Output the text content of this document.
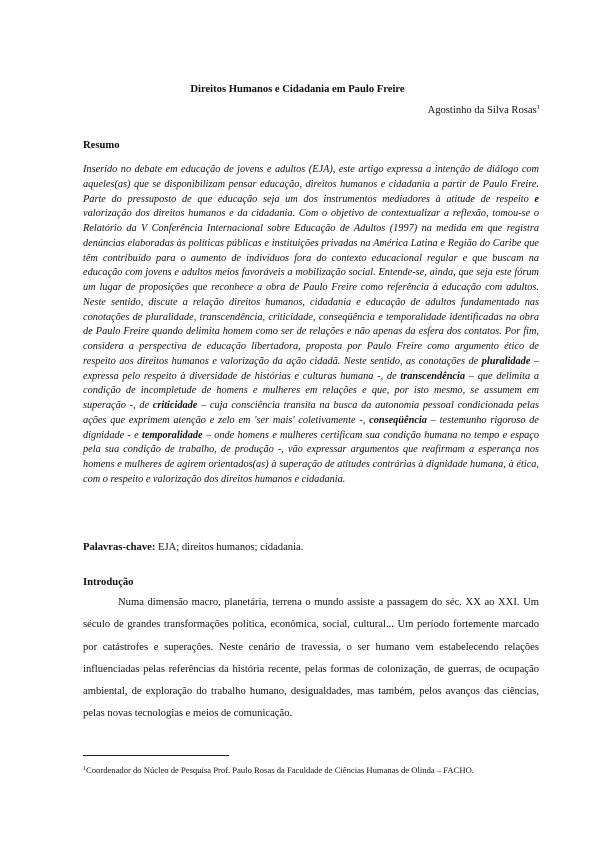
Direitos Humanos e Cidadania em Paulo Freire
Agostinho da Silva Rosas$^1$
Resumo

Inserido no debate em educação de jovens e adultos (EJA), este artigo expressa a intenção de diálogo com aqueles(as) que se disponibilizam pensar educação, direitos humanos e cidadania a partir de Paulo Freire. Parte do pressuposto de que educação seja um dos instrumentos mediadores à atitude de respeito e valorização dos direitos humanos e da cidadania. Com o objetivo de contextualizar a reflexão, tomou-se o Relatório da V Conferência Internacional sobre Educação de Adultos (1997) na medida em que registra denúncias elaboradas às políticas públicas e instituições privadas na América Latina e Região do Caribe que têm contribuído para o aumento de indivíduos fora do contexto educacional regular e que buscam na educação com jovens e adultos meios favoráveis a mobilização social. Entende-se, ainda, que seja este fórum um lugar de proposições que reconhece a obra de Paulo Freire como referência à educação com adultos. Neste sentido, discute a relação direitos humanos, cidadania e educação de adultos fundamentado nas conotações de pluralidade, transcendência, criticidade, conseqüência e temporalidade identificadas na obra de Paulo Freire quando delimita homem como ser de relações e não apenas da esfera dos contatos. Por fim, considera a perspectiva de educação libertadora, proposta por Paulo Freire como argumento ético de respeito aos direitos humanos e valorização da ação cidadã. Neste sentido, as conotações de pluralidade – expressa pelo respeito à diversidade de histórias e culturas humana -, de transcendência – que delimita a condição de incompletude de homens e mulheres em relações e que, por isto mesmo, se assumem em superação -, de criticidade – cuja consciência transita na busca da autonomia pessoal condicionada pelas ações que exprimem atenção e zelo em 'ser mais' coletivamente -, conseqüência – testemunho rigoroso de dignidade - e temporalidade – onde homens e mulheres certificam sua condição humana no tempo e espaço pela sua condição de trabalho, de produção -, vão expressar argumentos que reafirmam a esperança nos homens e mulheres de agirem orientados(as) à superação de atitudes contrárias à dignidade humana, à ética, com o respeito e valorização dos direitos humanos e cidadania.

Palavras-chave: EJA; direitos humanos; cidadania.
Introdução

Numa dimensão macro, planetária, terrena o mundo assiste a passagem do séc. XX ao XXI. Um século de grandes transformações política, econômica, social, cultural... Um período fortemente marcado por catástrofes e superações. Neste cenário de travessia, o ser humano vem estabelecendo relações influenciadas pelas referências da história recente, pelas formas de colonização, de guerras, de ocupação ambiental, de exploração do trabalho humano, desigualdades, mas também, pelos avanços das ciências, pelas novas tecnologias e meios de comunicação.

$^1$Coordenador do Núcleo de Pesquisa Prof. Paulo Rosas da Faculdade de Ciências Humanas de Olinda – FACHO.
